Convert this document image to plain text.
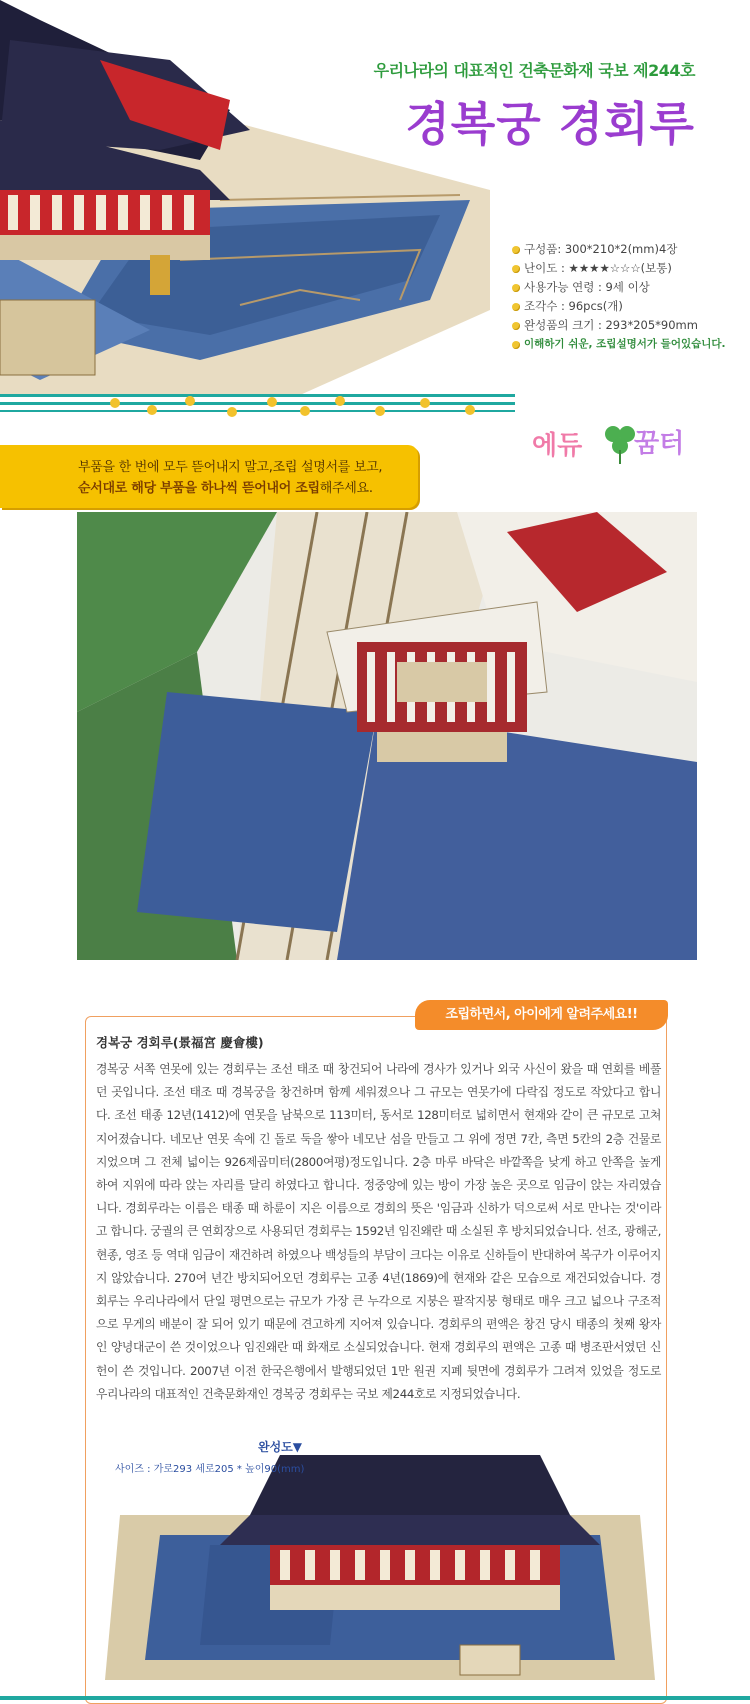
우리나라의 대표적인 건축문화재 국보 제244호
경복궁 경회루
구성품: 300*210*2(mm)4장
난이도 : ★★★★☆☆☆(보통)
사용가능 연령 : 9세 이상
조각수 : 96pcs(개)
완성품의 크기 : 293*205*90mm
이해하기 쉬운, 조립설명서가 들어있습니다.
에듀 꿈터

부품을 한 번에 모두 뜯어내지 말고,조립 설명서를 보고,

순서대로 해당 부품을 하나씩 뜯어내어 조립해주세요.

조립하면서, 아이에게 알려주세요!!
경복궁 경회루(景福宮 慶會樓)

경복궁 서쪽 연못에 있는 경회루는 조선 태조 때 창건되어 나라에 경사가 있거나 외국 사신이 왔을 때 연회를 베풀던 곳입니다. 조선 태조 때 경복궁을 창건하며 함께 세워졌으나 그 규모는 연못가에 다락집 정도로 작았다고 합니다. 조선 태종 12년(1412)에 연못을 남북으로 113미터, 동서로 128미터로 넓히면서 현재와 같이 큰 규모로 고쳐 지어졌습니다. 네모난 연못 속에 긴 돌로 둑을 쌓아 네모난 섬을 만들고 그 위에 정면 7칸, 측면 5칸의 2층 건물로 지었으며 그 전체 넓이는 926제곱미터(2800여평)정도입니다. 2층 마루 바닥은 바깥쪽을 낮게 하고 안쪽을 높게 하여 지위에 따라 앉는 자리를 달리 하였다고 합니다. 정중앙에 있는 방이 가장 높은 곳으로 임금이 앉는 자리였습니다. 경회루라는 이름은 태종 때 하륜이 지은 이름으로 경회의 뜻은 '임금과 신하가 덕으로써 서로 만나는 것'이라고 합니다. 궁궐의 큰 연회장으로 사용되던 경회루는 1592년 임진왜란 때 소실된 후 방치되었습니다. 선조, 광해군, 현종, 영조 등 역대 임금이 재건하려 하였으나 백성들의 부담이 크다는 이유로 신하들이 반대하여 복구가 이루어지지 않았습니다. 270여 년간 방치되어오던 경회루는 고종 4년(1869)에 현재와 같은 모습으로 재건되었습니다. 경회루는 우리나라에서 단일 평면으로는 규모가 가장 큰 누각으로 지붕은 팔작지붕 형태로 매우 크고 넓으나 구조적으로 무게의 배분이 잘 되어 있기 때문에 견고하게 지어져 있습니다. 경회루의 편액은 창건 당시 태종의 첫째 왕자인 양녕대군이 쓴 것이었으나 임진왜란 때 화재로 소실되었습니다. 현재 경회루의 편액은 고종 때 병조판서였던 신헌이 쓴 것입니다. 2007년 이전 한국은행에서 발행되었던 1만 원권 지폐 뒷면에 경회루가 그려져 있었을 정도로 우리나라의 대표적인 건축문화재인 경복궁 경회루는 국보 제244호로 지정되었습니다.

완성도▼
사이즈 : 가로293 세로205 * 높이90(mm)
